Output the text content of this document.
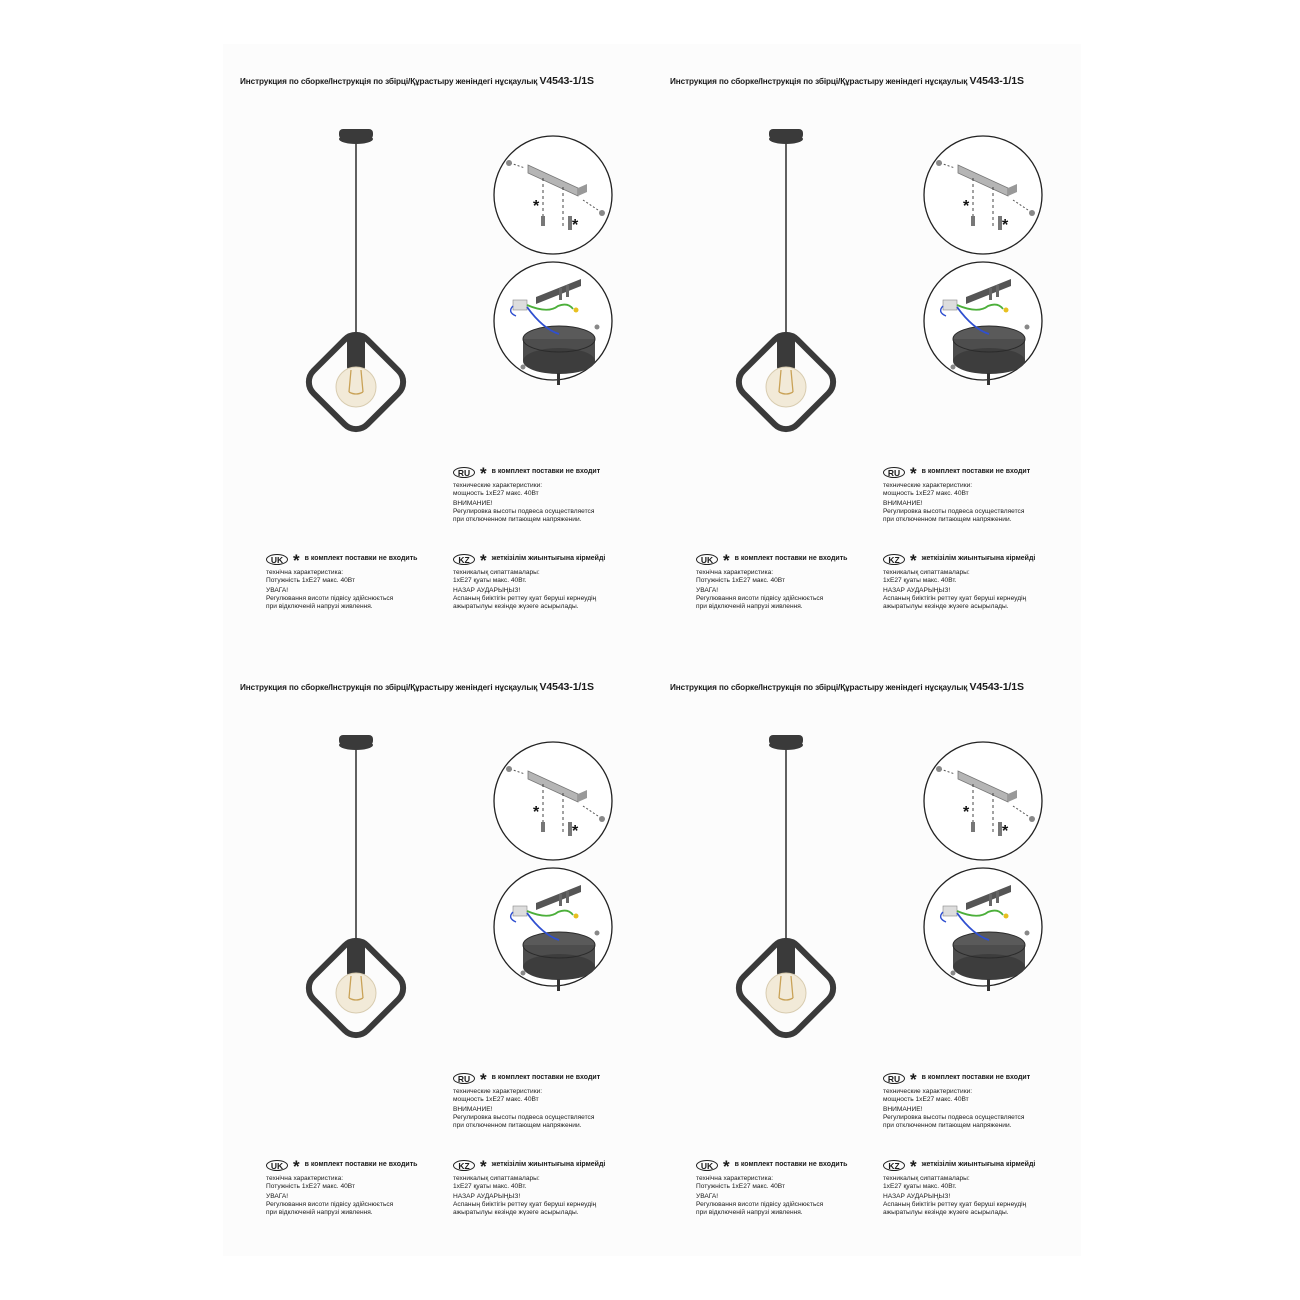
Инструкция по сборке/Інструкція по збірці/Құрастыру женіндегі нұсқаулық V4543-1/1S
*
*
RU * в комплект поставки не входит
технические характеристики:
мощность 1хЕ27 макс. 40Вт
ВНИМАНИЕ!
Регулировка высоты подвеса осуществляется
при отключенном питающем напряжении.
UK * в комплект поставки не входить
технічна характеристика:
Потужність 1хЕ27 макс. 40Вт
УВАГА!
Регулювання висоти підвісу здійснюється
при відключеній напрузі живлення.
KZ * жеткізілім жиынтығына кірмейді
техникалық сипаттамалары:
1хЕ27 қуаты макс. 40Вт.
НАЗАР АУДАРЫҢЫЗ!
Аспаның биіктігін реттеу қуат беруші кернеудің
ажыратылуы кезінде жүзеге асырылады.
Инструкция по сборке/Інструкція по збірці/Құрастыру женіндегі нұсқаулық V4543-1/1S
*
*
RU * в комплект поставки не входит
технические характеристики:
мощность 1хЕ27 макс. 40Вт
ВНИМАНИЕ!
Регулировка высоты подвеса осуществляется
при отключенном питающем напряжении.
UK * в комплект поставки не входить
технічна характеристика:
Потужність 1хЕ27 макс. 40Вт
УВАГА!
Регулювання висоти підвісу здійснюється
при відключеній напрузі живлення.
KZ * жеткізілім жиынтығына кірмейді
техникалық сипаттамалары:
1хЕ27 қуаты макс. 40Вт.
НАЗАР АУДАРЫҢЫЗ!
Аспаның биіктігін реттеу қуат беруші кернеудің
ажыратылуы кезінде жүзеге асырылады.
Инструкция по сборке/Інструкція по збірці/Құрастыру женіндегі нұсқаулық V4543-1/1S
*
*
RU * в комплект поставки не входит
технические характеристики:
мощность 1хЕ27 макс. 40Вт
ВНИМАНИЕ!
Регулировка высоты подвеса осуществляется
при отключенном питающем напряжении.
UK * в комплект поставки не входить
технічна характеристика:
Потужність 1хЕ27 макс. 40Вт
УВАГА!
Регулювання висоти підвісу здійснюється
при відключеній напрузі живлення.
KZ * жеткізілім жиынтығына кірмейді
техникалық сипаттамалары:
1хЕ27 қуаты макс. 40Вт.
НАЗАР АУДАРЫҢЫЗ!
Аспаның биіктігін реттеу қуат беруші кернеудің
ажыратылуы кезінде жүзеге асырылады.
Инструкция по сборке/Інструкція по збірці/Құрастыру женіндегі нұсқаулық V4543-1/1S
*
*
RU * в комплект поставки не входит
технические характеристики:
мощность 1хЕ27 макс. 40Вт
ВНИМАНИЕ!
Регулировка высоты подвеса осуществляется
при отключенном питающем напряжении.
UK * в комплект поставки не входить
технічна характеристика:
Потужність 1хЕ27 макс. 40Вт
УВАГА!
Регулювання висоти підвісу здійснюється
при відключеній напрузі живлення.
KZ * жеткізілім жиынтығына кірмейді
техникалық сипаттамалары:
1хЕ27 қуаты макс. 40Вт.
НАЗАР АУДАРЫҢЫЗ!
Аспаның биіктігін реттеу қуат беруші кернеудің
ажыратылуы кезінде жүзеге асырылады.
